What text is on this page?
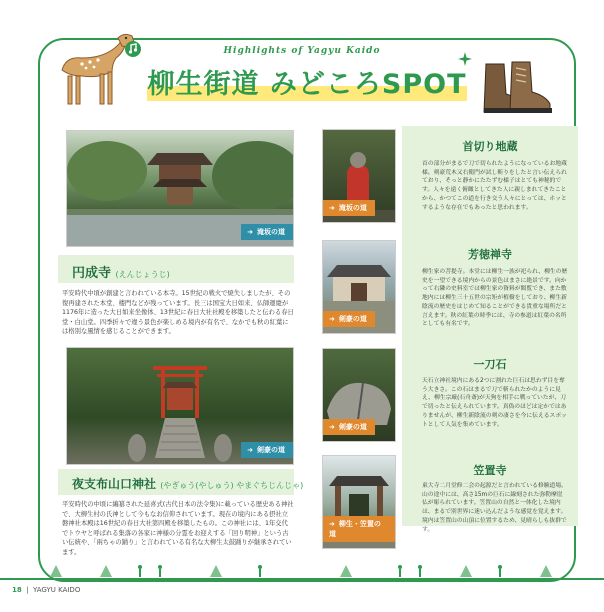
Highlights of Yagyu Kaido
柳生街道 みどころSPOT
➜ 滝坂の道
円成寺 (えんじょうじ)
平安時代中頃が創建と言われている本寺。15世紀の戦火で焼失しましたが、その復再建された本堂、楼門などが残っています。長三は国宝大日如来、仏師運慶が1176年に造った大日如来坐像体、13世紀に春日大社社殿を移築したと伝わる春日堂・白山堂。四季折々で違う景色が楽しめる境内が有名で、なかでも秋の紅葉には格別な風情を感じることができます。
➜ 剣豪の道
夜支布山口神社 (やぎゅう(やしゅう) やまぐちじんじゃ)
平安時代の中頃に編纂された延喜式(古代日本の法令集)に載っている歴史ある神社で、大柳生村の氏神として今もなお信仰されています。現在の境内にある摂社立磐神社本殿は16世紀の春日大社第四殿を移築したもの。この神社には、1年交代でトウヤと呼ばれる集落の各家に神様の分霊をお迎えする「回り明神」という古い伝統や、「兩ちゃの踊り」と言われている有名な大柳生太鼓踊りが継承されています。
➜ 滝坂の道
首切り地蔵
首の部分がまるで刀で切られたようになっているお地蔵様。剣豪荒木又右衛門が試し斬りをしたと言い伝えられており、そっと静かにたたずむ様子はとても神秘的です。人々を遠く俯瞰としてきた人に親しまれてきたことから、かつてこの道を行き交う人々にとっては、ホッとするような存在でもあったと思われます。
➜ 剣豪の道
芳徳禅寺
柳生家の菩提寺。本堂には柳生一族が祀られ、柳生の歴史を一望できる境内からの景色はまさに絶景です。向かって右隣の史料室では柳生家の資料が閲覧でき、また敷地内には柳生三十五世の宗矩が植樹をしており、柳生新陰流の歴史をはじめて知ることができる貴重な場所だと言えます。秋の紅葉の時季には、寺の参道は紅葉の名所としても有名です。
➜ 剣豪の道
一刀石
天石立神社境内にある2つに割れた巨石は思わず目を奪う大きさ。この石はまるで刀で斬られたかのように見え、柳生宗厳(石舟斎)が天狗を相手に戦っていたが、刀で切ったと伝えられています。真偽のほどは定かではありませんが、柳生新陰流の剣の凄さを今に伝えるスポットとして人気を集めています。
➜ 柳生・笠置の道
笠置寺
東大寺二月堂修二会の起源だと言われている修験道場。山の途中には、高さ15mの巨石に線刻された弥勒摩崖仏が彫られています。笠置山の自然と一体化した境内は、まるで別世界に迷い込んだような感覚を覚えます。境内は笠置山の山頂に位置するため、見晴らしも抜群です。
18  |  YAGYU KAIDO
